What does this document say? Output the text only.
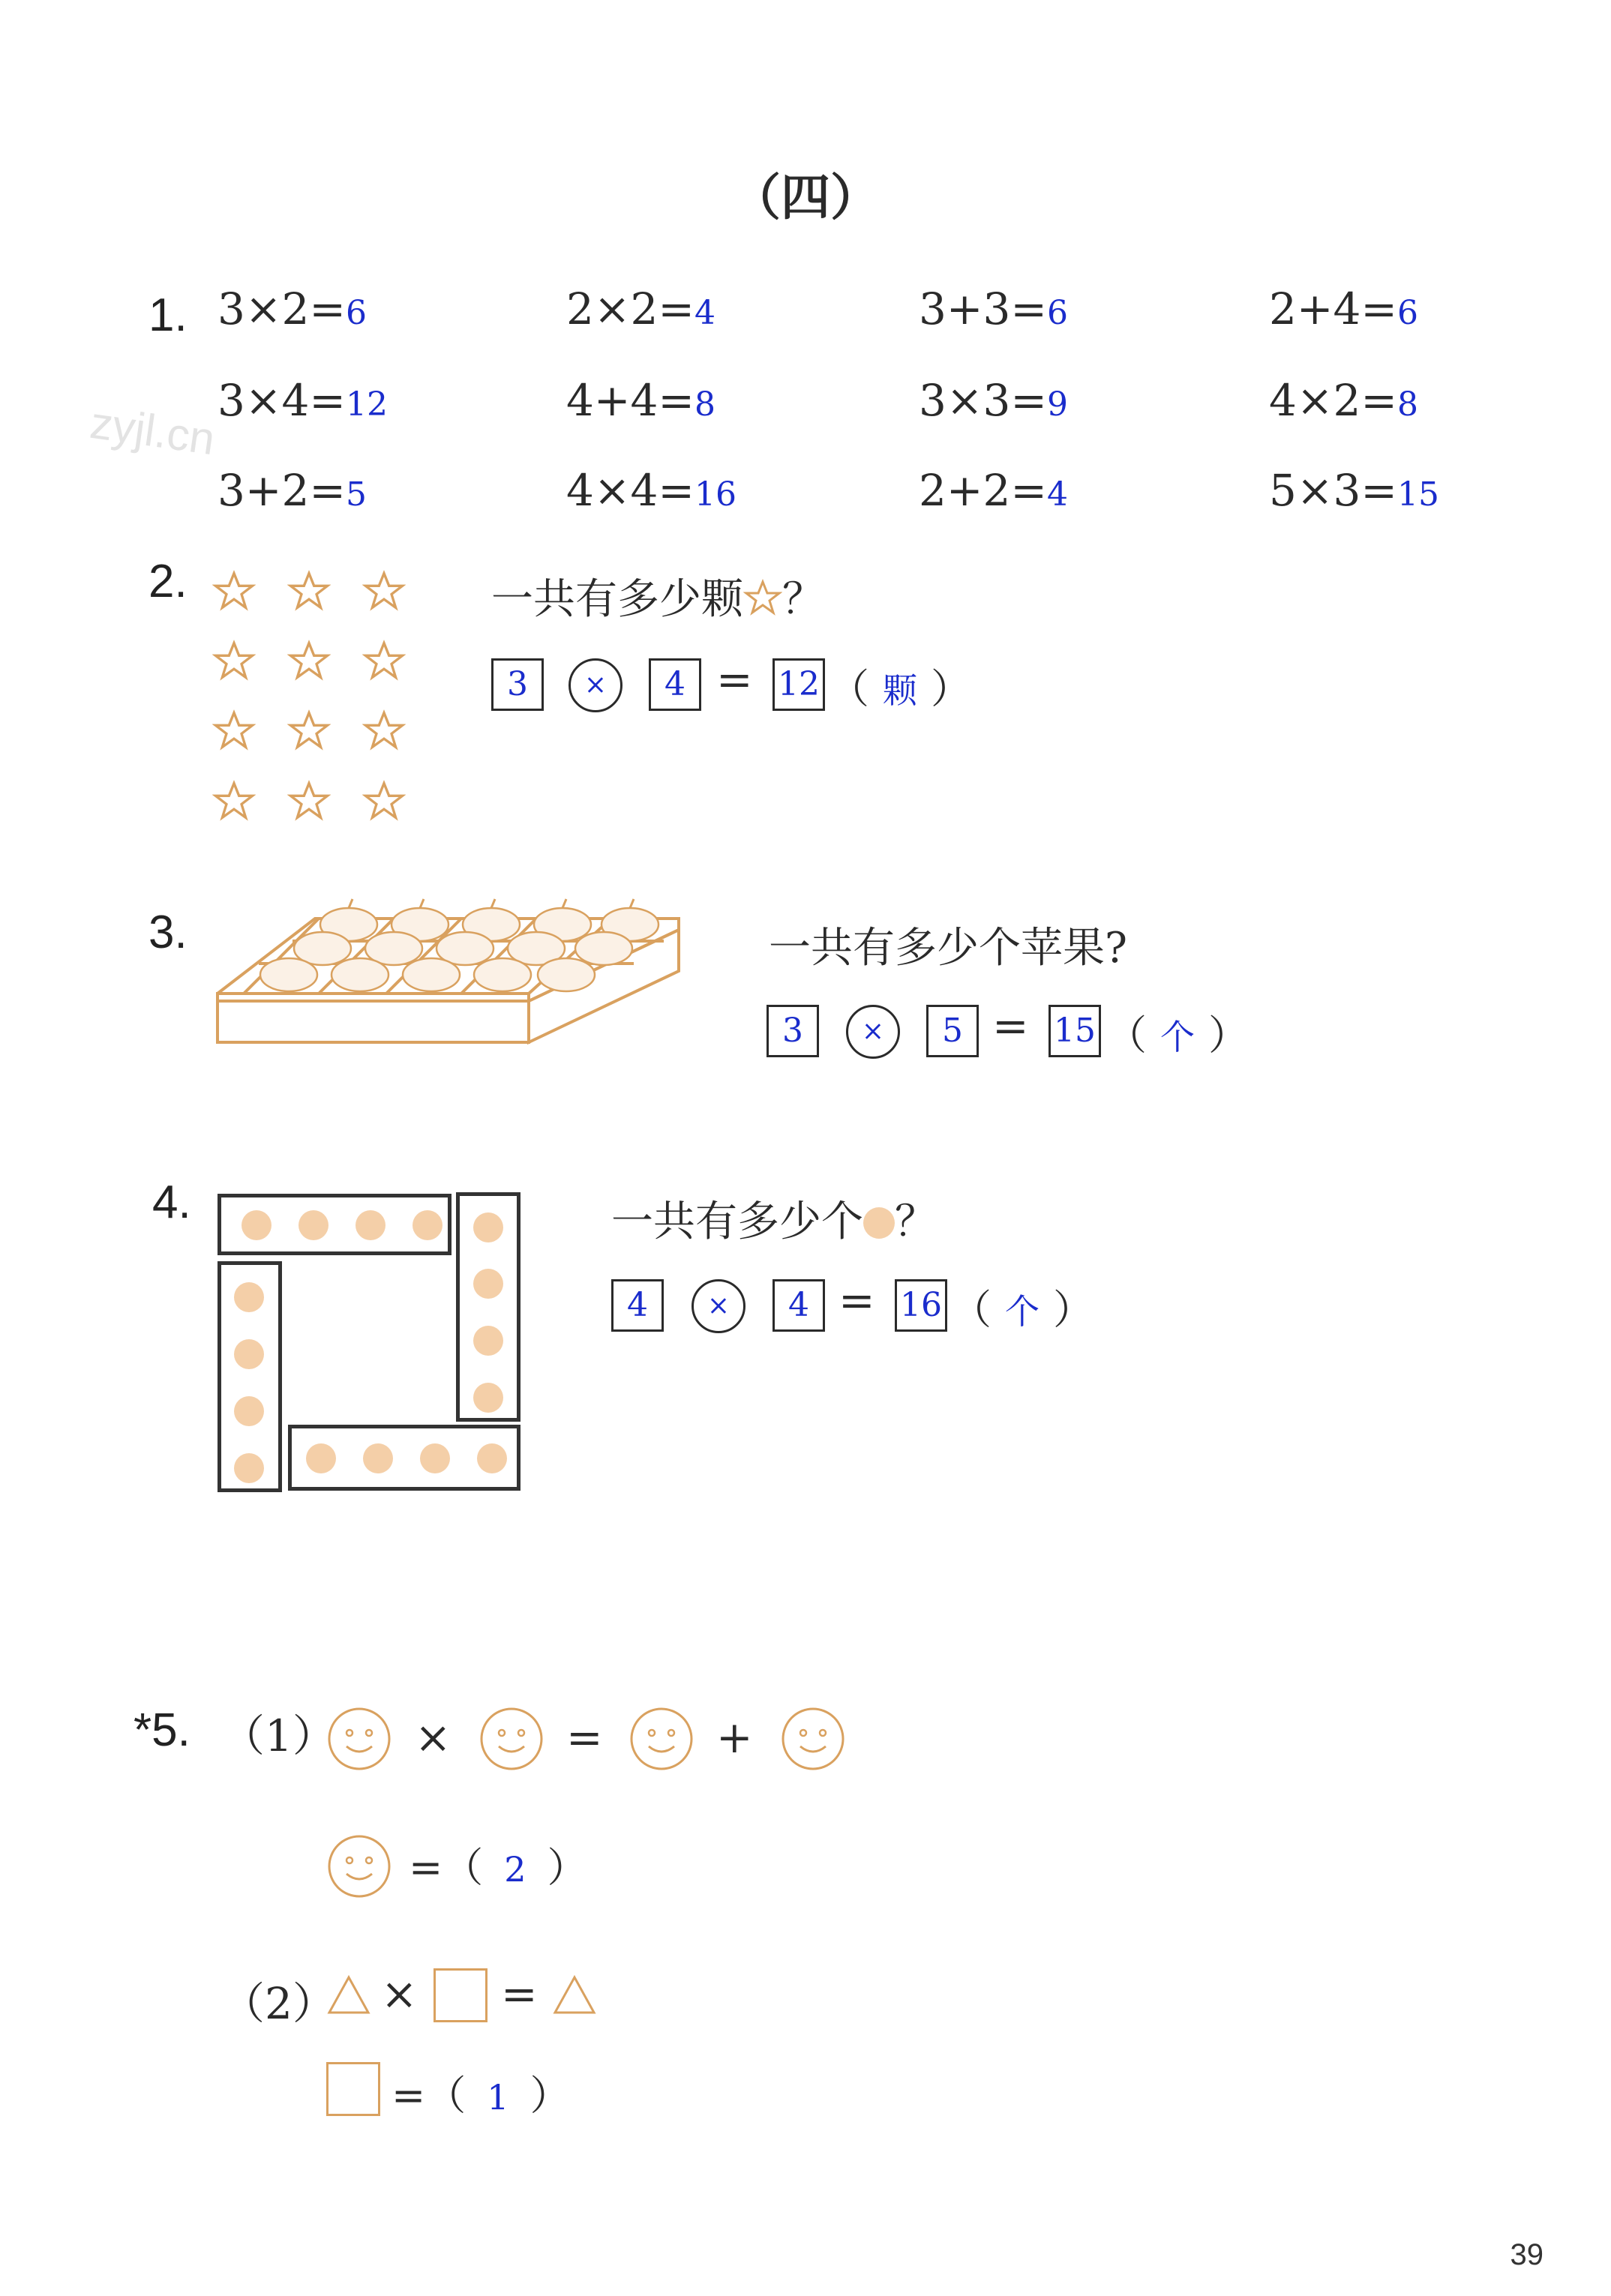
zyjl.cn
（四）
1. 3×2=6	2×2=4	3+3=6	2+4=6
3×4=12	4+4=8	3×3=9	4×2=8
3+2=5	4×4=16	2+2=4	5×3=15
2.	一共有多少颗 ？
3	×	4 = 12 （ 颗 ）
3.	一共有多少个苹果?
3	×	5 = 15 （ 个 ）
4.	一共有多少个 ？
4	×	4 = 16 （ 个 ）
*5. （1） ×	=	+
=（ 2 ）
（2） × =
=（ 1 ）
39
